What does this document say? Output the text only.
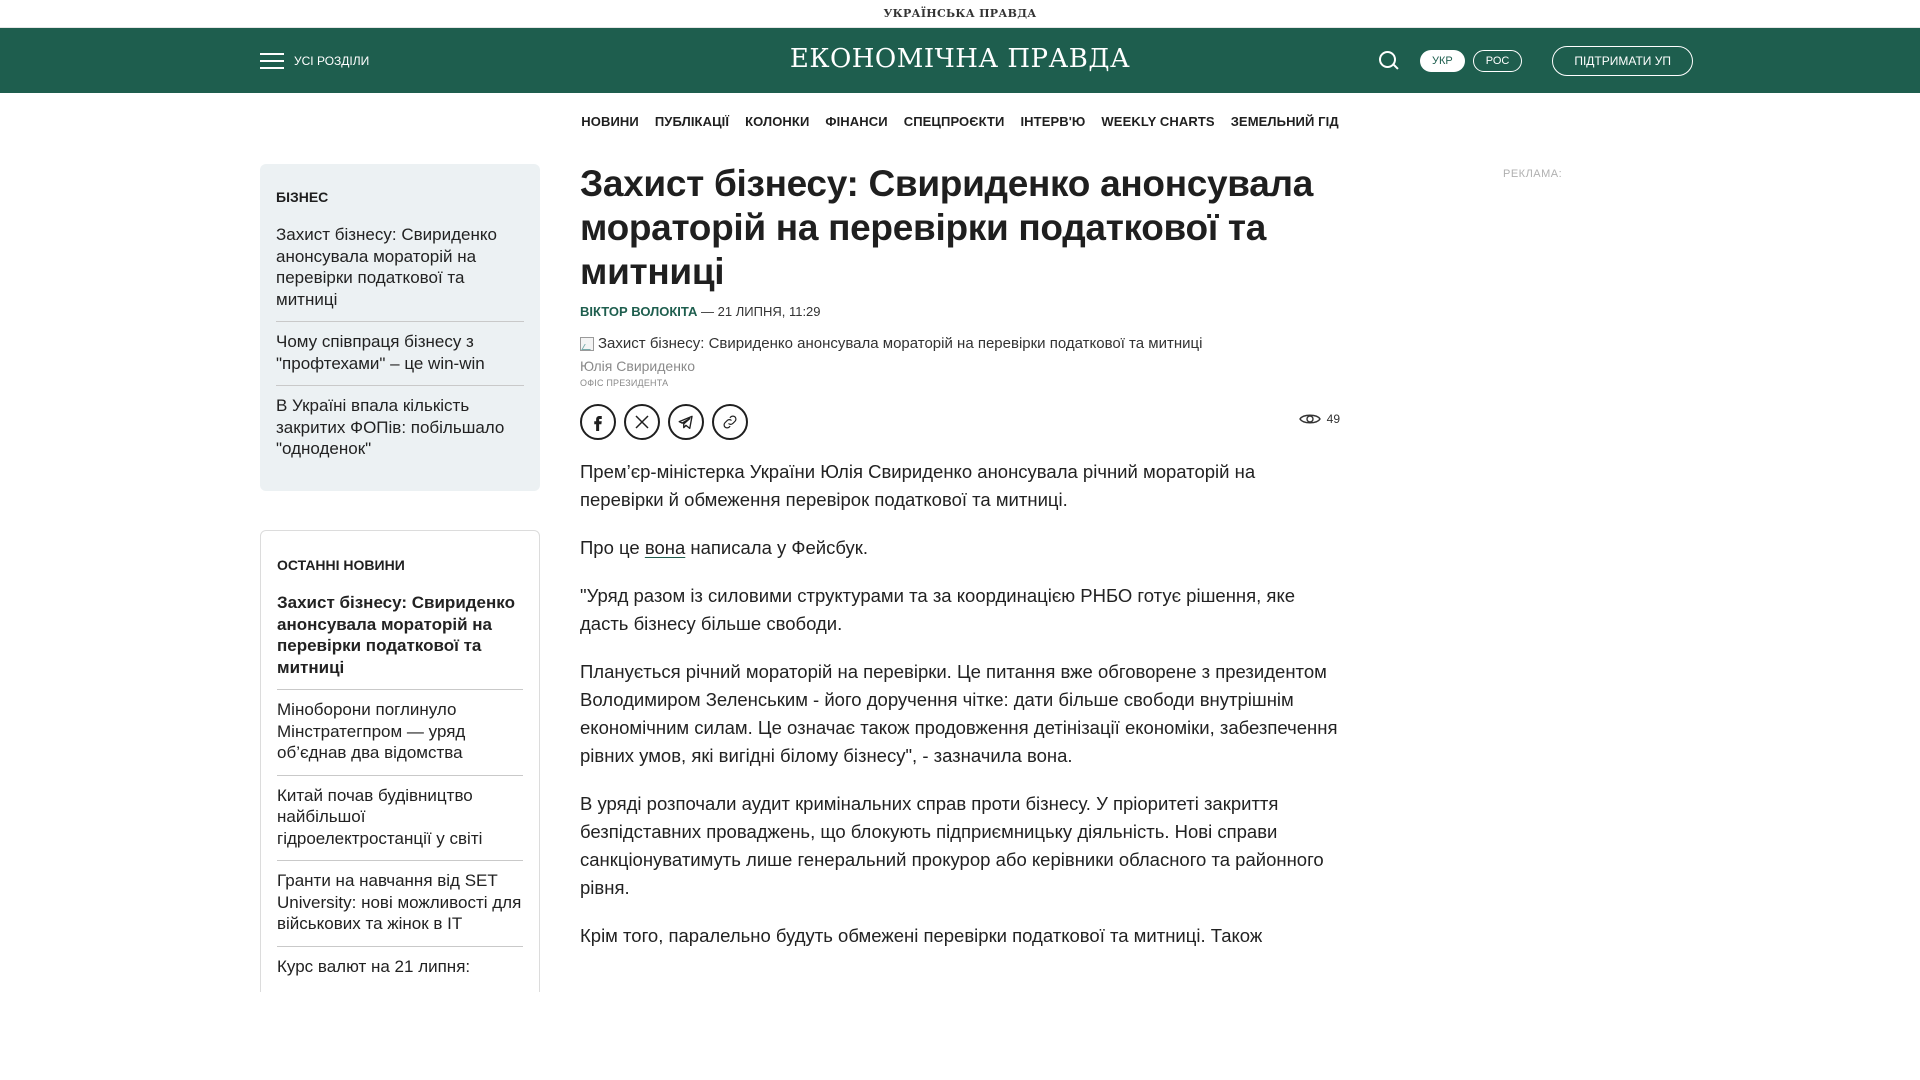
УКРАЇНСЬКА ПРАВДА
УСІ РОЗДІЛИ	ЕКОНОМІЧНА ПРАВДА	УКР	РОС	ПІДТРИМАТИ УП
НОВИНИ ПУБЛІКАЦІЇ КОЛОНКИ ФІНАНСИ СПЕЦПРОЄКТИ ІНТЕРВ'Ю WEEKLY CHARTS ЗЕМЕЛЬНИЙ ГІД
БІЗНЕС
Захист бізнесу: Свириденко анонсувала мораторій на перевірки податкової та митниці
Чому співпраця бізнесу з "профтехами" – це win-win
В Україні впала кількість закритих ФОПів: побільшало "одноденок"
ОСТАННІ НОВИНИ
Захист бізнесу: Свириденко анонсувала мораторій на перевірки податкової та митниці
Міноборони поглинуло Мінстратегпром — уряд об’єднав два відомства
Китай почав будівництво найбільшої гідроелектростанції у світі
Гранти на навчання від SET University: нові можливості для військових та жінок в IT
Курс валют на 21 липня:
Захист бізнесу: Свириденко анонсувала мораторій на перевірки податкової та митниці
ВІКТОР ВОЛОКІТА — 21 ЛИПНЯ, 11:29
Захист бізнесу: Свириденко анонсувала мораторій на перевірки податкової та митниці
Юлія Свириденко
ОФІС ПРЕЗИДЕНТА
49

Прем’єр-міністерка України Юлія Свириденко анонсувала річний мораторій на перевірки й обмеження перевірок податкової та митниці.

Про це вона написала у Фейсбук.

"Уряд разом із силовими структурами та за координацією РНБО готує рішення, яке дасть бізнесу більше свободи.

Планується річний мораторій на перевірки. Це питання вже обговорене з президентом Володимиром Зеленським - його доручення чітке: дати більше свободи внутрішнім економічним силам. Це означає також продовження детінізації економіки, забезпечення рівних умов, які вигідні білому бізнесу", - зазначила вона.

В уряді розпочали аудит кримінальних справ проти бізнесу. У пріоритеті закриття безпідставних проваджень, що блокують підприємницьку діяльність. Нові справи санкціонуватимуть лише генеральний прокурор або керівники обласного та районного рівня.

Крім того, паралельно будуть обмежені перевірки податкової та митниці. Також

РЕКЛАМА:
